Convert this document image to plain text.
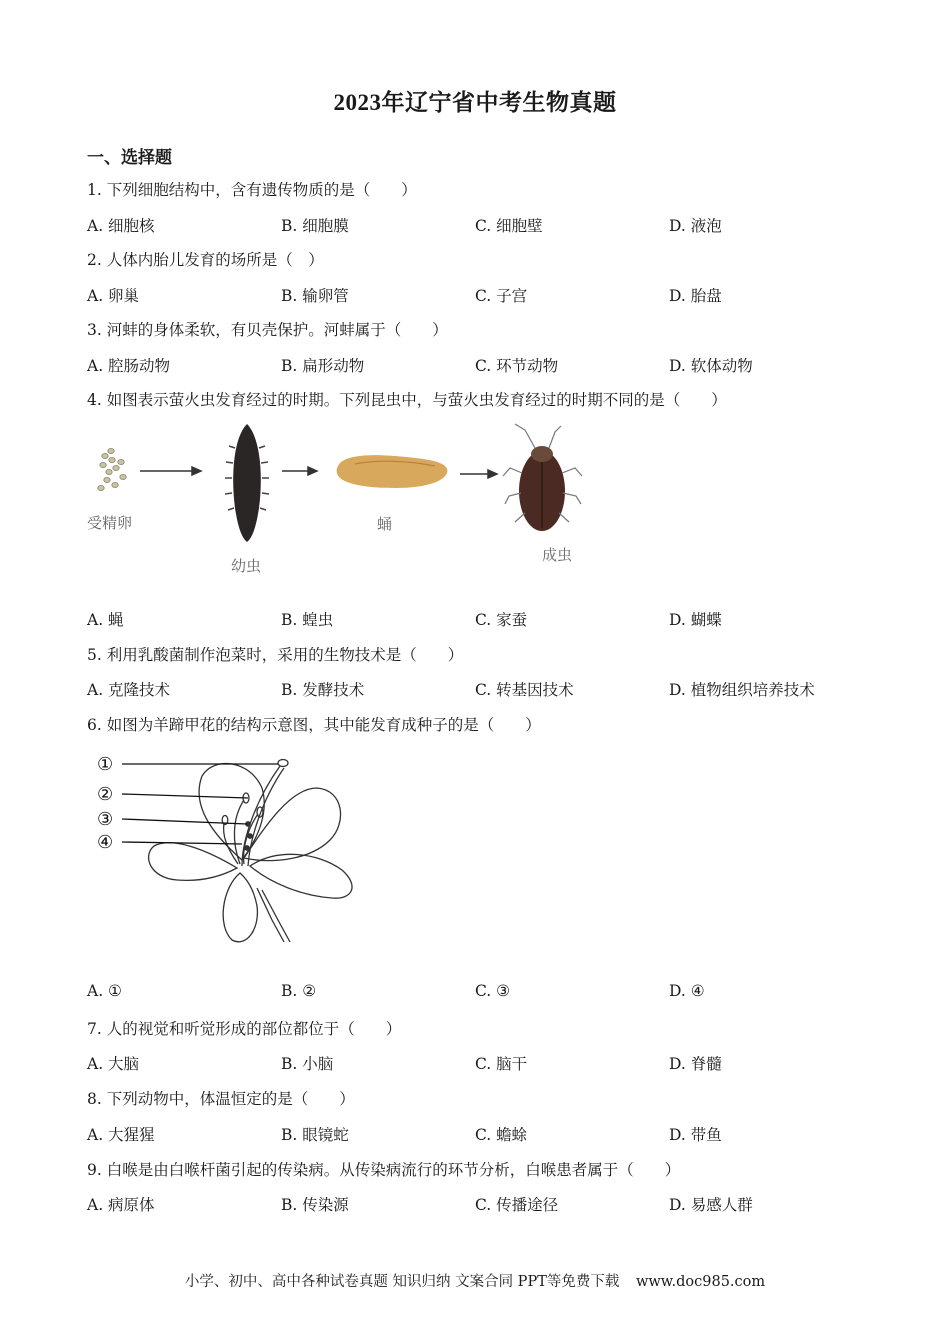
2023年辽宁省中考生物真题
一、选择题
1. 下列细胞结构中，含有遗传物质的是（　　）
A. 细胞核	B. 细胞膜	C. 细胞壁	D. 液泡
2. 人体内胎儿发育的场所是（　）
A. 卵巢	B. 输卵管	C. 子宫	D. 胎盘
3. 河蚌的身体柔软，有贝壳保护。河蚌属于（　　）
A. 腔肠动物	B. 扁形动物	C. 环节动物	D. 软体动物
4. 如图表示萤火虫发育经过的时期。下列昆虫中，与萤火虫发育经过的时期不同的是（　　）
受精卵
幼虫
蛹
成虫
A. 蝇	B. 蝗虫	C. 家蚕	D. 蝴蝶
5. 利用乳酸菌制作泡菜时，采用的生物技术是（　　）
A. 克隆技术	B. 发酵技术	C. 转基因技术	D. 植物组织培养技术
6. 如图为羊蹄甲花的结构示意图，其中能发育成种子的是（　　）
①
②
③
④
A. ①	B. ②	C. ③	D. ④
7. 人的视觉和听觉形成的部位都位于（　　）
A. 大脑	B. 小脑	C. 脑干	D. 脊髓
8. 下列动物中，体温恒定的是（　　）
A. 大猩猩	B. 眼镜蛇	C. 蟾蜍	D. 带鱼
9. 白喉是由白喉杆菌引起的传染病。从传染病流行的环节分析，白喉患者属于（　　）
A. 病原体	B. 传染源	C. 传播途径	D. 易感人群
小学、初中、高中各种试卷真题 知识归纳 文案合同 PPT等免费下载 www.doc985.com
